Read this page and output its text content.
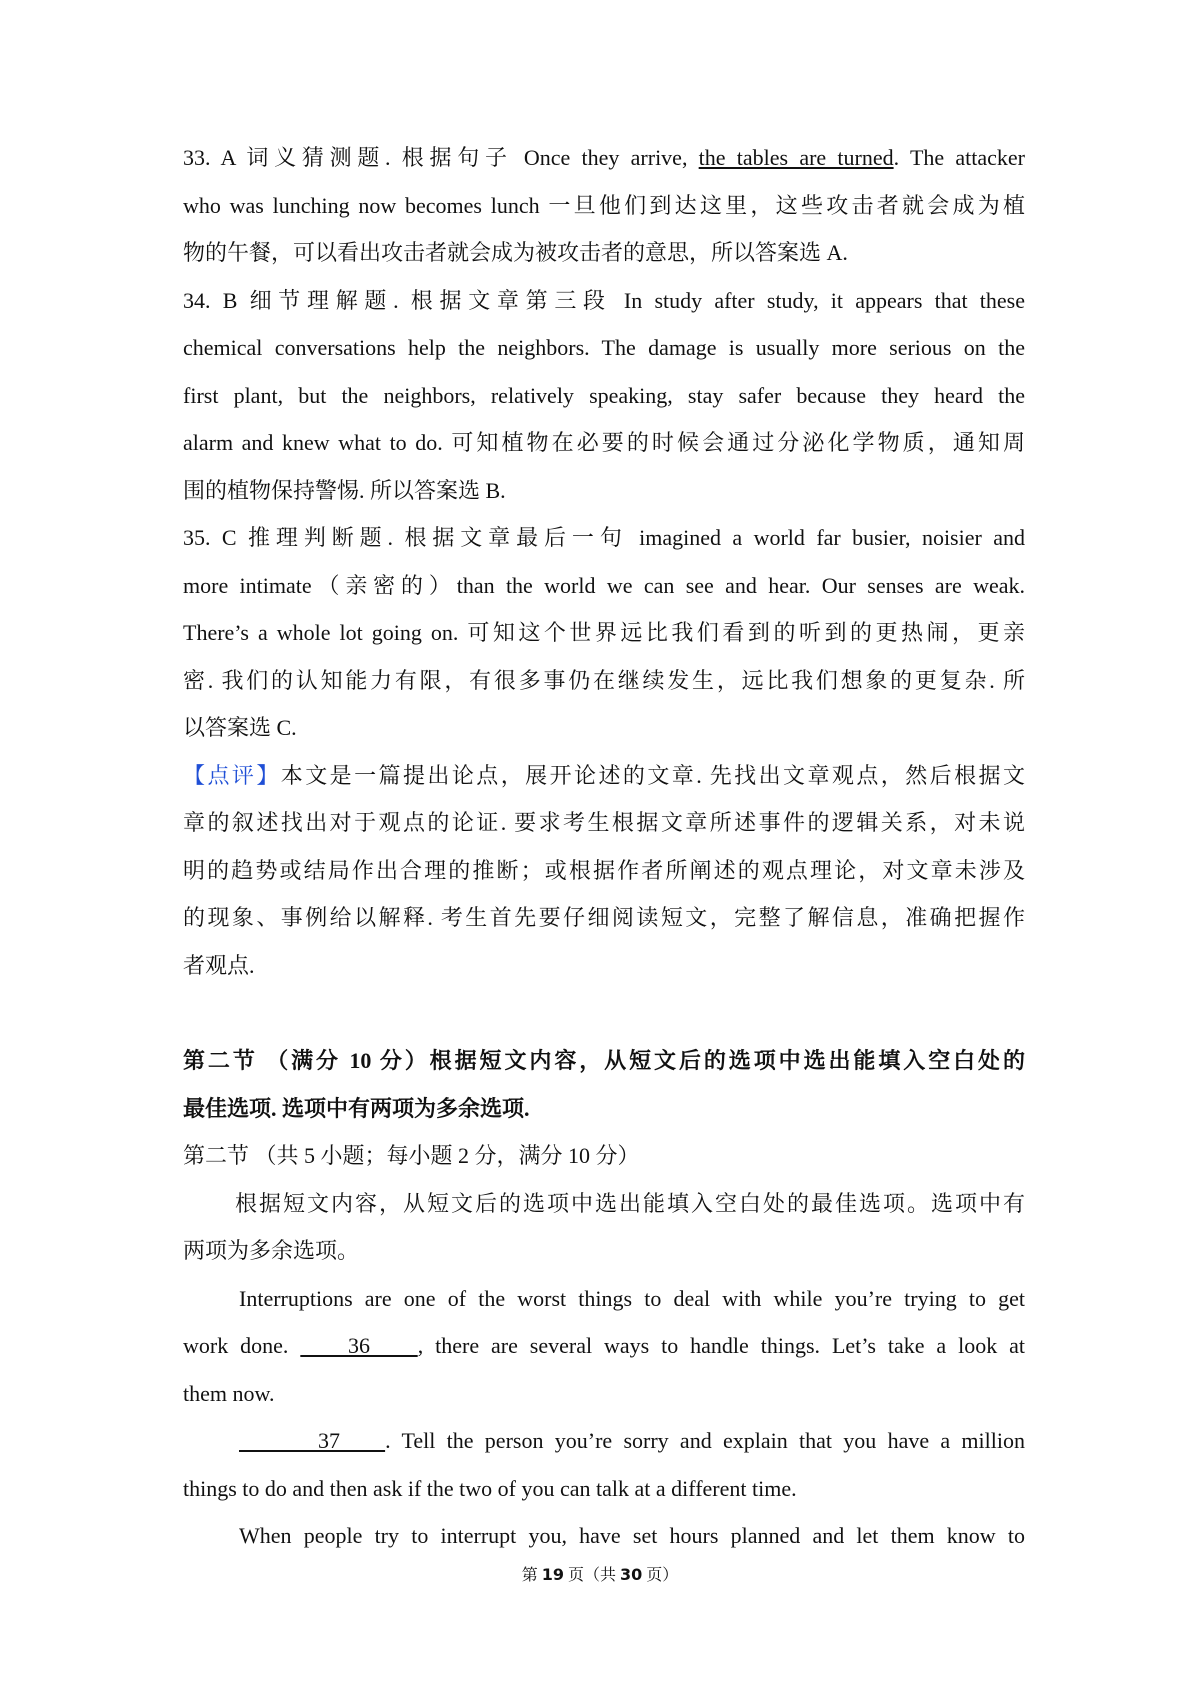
33. A 词义猜测题. 根据句子 Once they arrive, the tables are turned. The attacker
who was lunching now becomes lunch 一旦他们到达这里，这些攻击者就会成为植
物的午餐，可以看出攻击者就会成为被攻击者的意思，所以答案选 A.
34. B 细节理解题. 根据文章第三段 In study after study, it appears that these
chemical conversations help the neighbors. The damage is usually more serious on the
first plant, but the neighbors, relatively speaking, stay safer because they heard the
alarm and knew what to do. 可知植物在必要的时候会通过分泌化学物质，通知周
围的植物保持警惕. 所以答案选 B.
35. C 推理判断题. 根据文章最后一句 imagined a world far busier, noisier and
more intimate（亲密的）than the world we can see and hear. Our senses are weak.
There’s a whole lot going on. 可知这个世界远比我们看到的听到的更热闹，更亲
密. 我们的认知能力有限，有很多事仍在继续发生，远比我们想象的更复杂. 所
以答案选 C.
【点评】本文是一篇提出论点，展开论述的文章. 先找出文章观点，然后根据文
章的叙述找出对于观点的论证. 要求考生根据文章所述事件的逻辑关系，对未说
明的趋势或结局作出合理的推断；或根据作者所阐述的观点理论，对文章未涉及
的现象、事例给以解释. 考生首先要仔细阅读短文，完整了解信息，准确把握作
者观点.
第二节 （满分 10 分）根据短文内容，从短文后的选项中选出能填入空白处的
最佳选项. 选项中有两项为多余选项.
第二节 （共 5 小题；每小题 2 分，满分 10 分）
根据短文内容，从短文后的选项中选出能填入空白处的最佳选项。选项中有
两项为多余选项。
Interruptions are one of the worst things to deal with while you’re trying to get
work done.     36    , there are several ways to handle things. Let’s take a look at
them now.
37    . Tell the person you’re sorry and explain that you have a million
things to do and then ask if the two of you can talk at a different time.
When people try to interrupt you, have set hours planned and let them know to
第 19 页（共 30 页）
